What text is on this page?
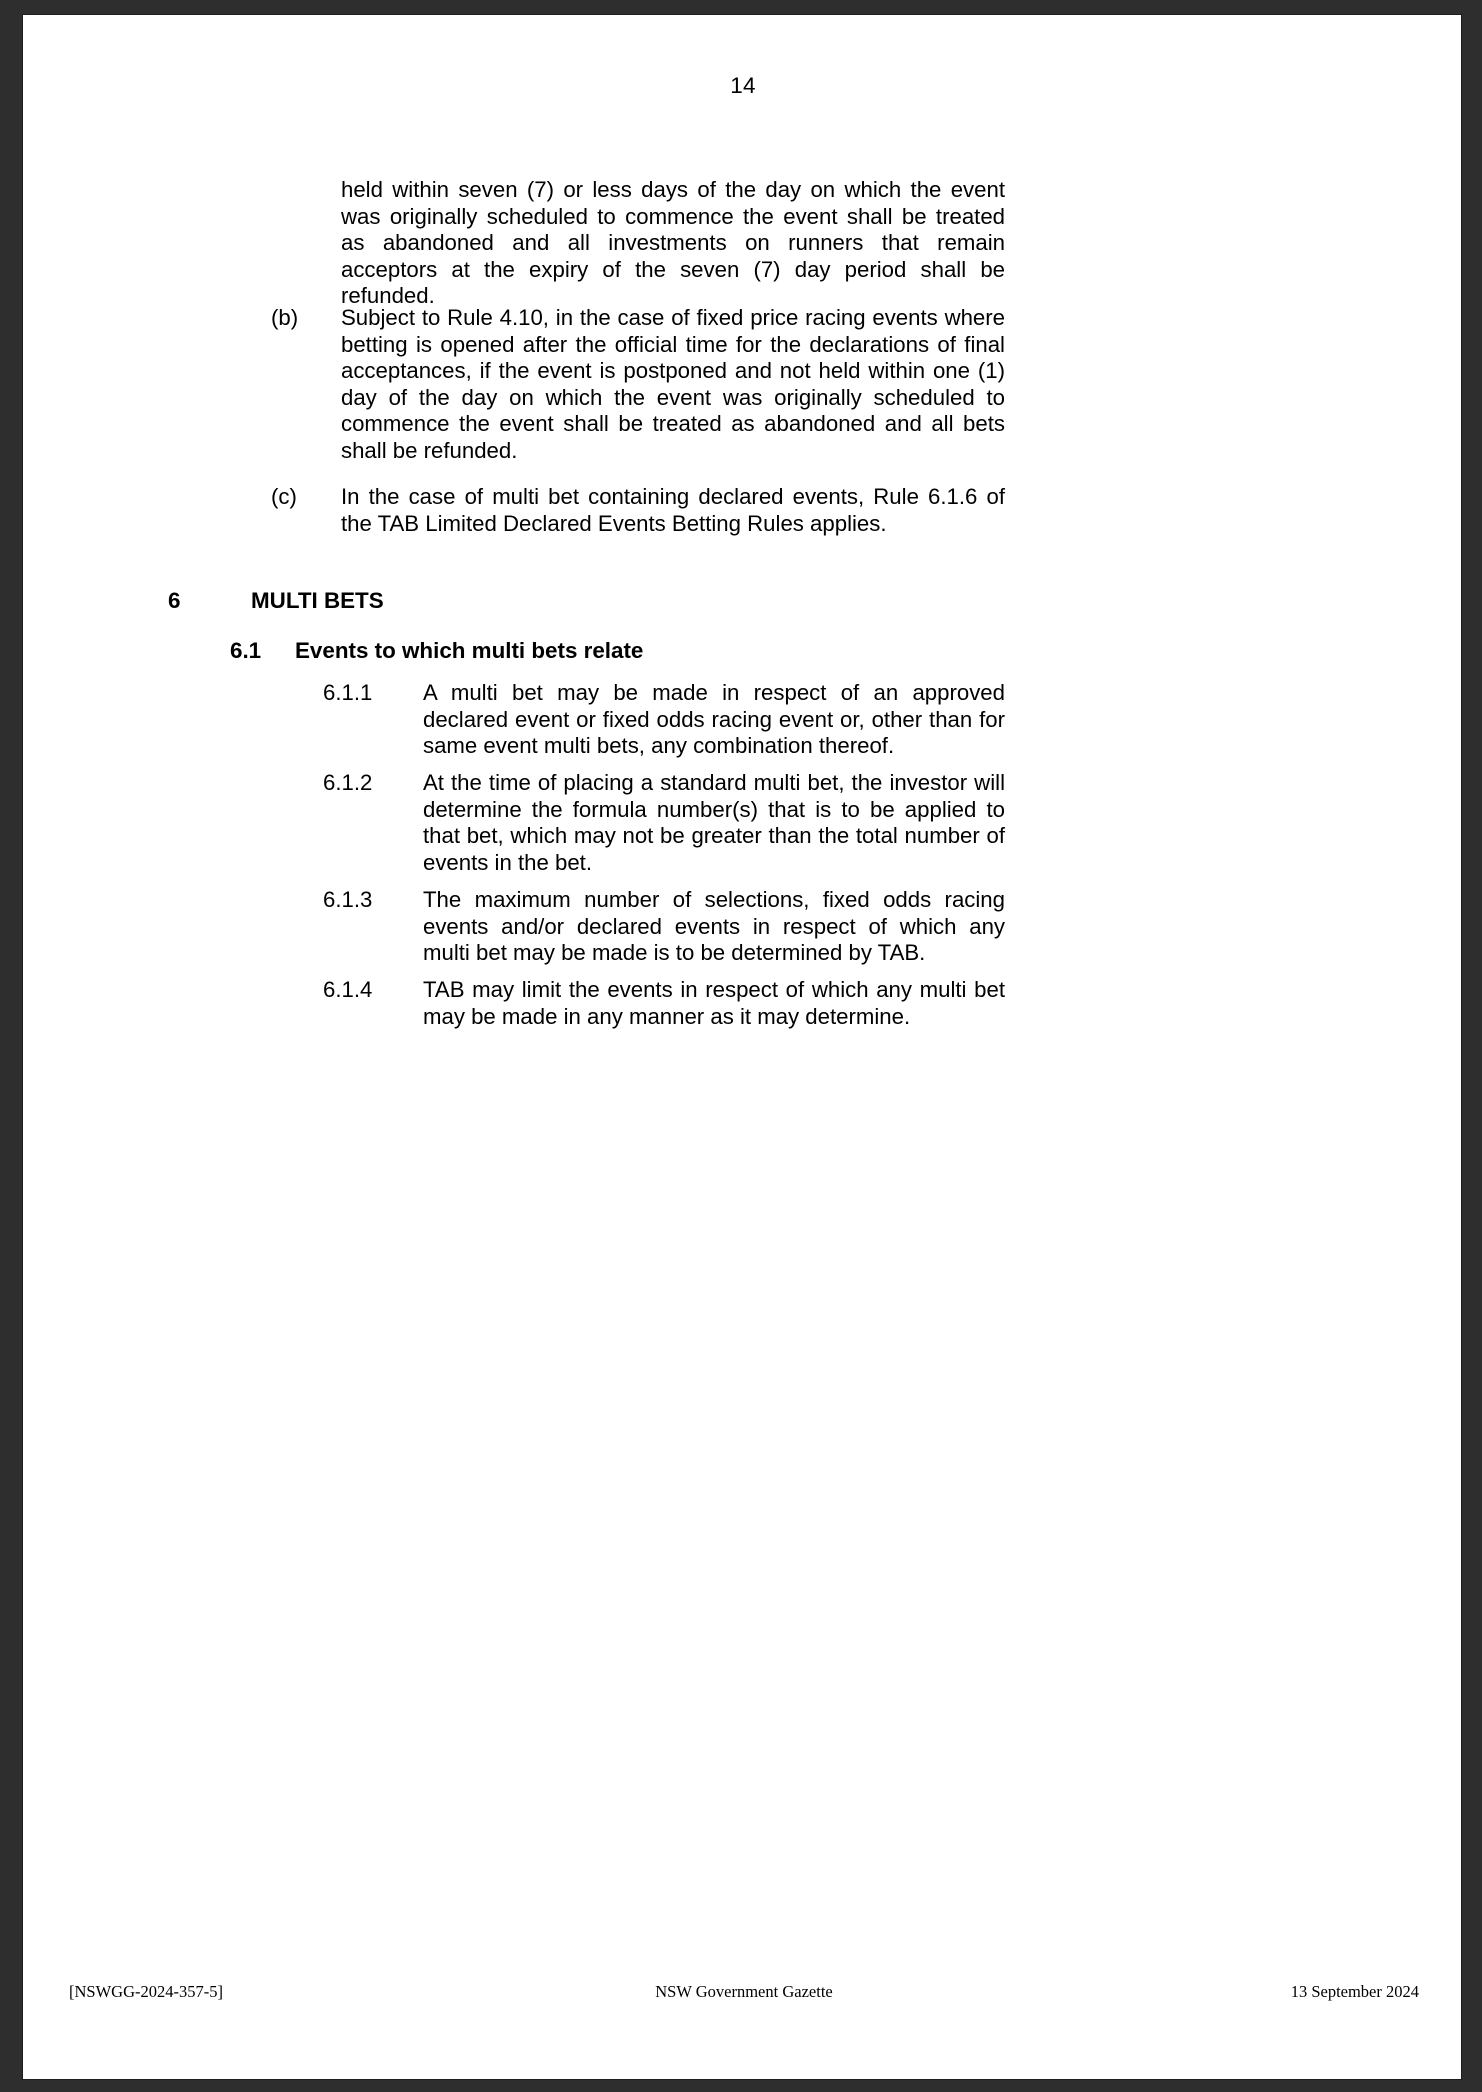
14
held within seven (7) or less days of the day on which the event was originally scheduled to commence the event shall be treated as abandoned and all investments on runners that remain acceptors at the expiry of the seven (7) day period shall be refunded.
(b) Subject to Rule 4.10, in the case of fixed price racing events where betting is opened after the official time for the declarations of final acceptances, if the event is postponed and not held within one (1) day of the day on which the event was originally scheduled to commence the event shall be treated as abandoned and all bets shall be refunded.
(c) In the case of multi bet containing declared events, Rule 6.1.6 of the TAB Limited Declared Events Betting Rules applies.
6	MULTI BETS
6.1 Events to which multi bets relate
6.1.1	A multi bet may be made in respect of an approved declared event or fixed odds racing event or, other than for same event multi bets, any combination thereof.
6.1.2	At the time of placing a standard multi bet, the investor will determine the formula number(s) that is to be applied to that bet, which may not be greater than the total number of events in the bet.
6.1.3	The maximum number of selections, fixed odds racing events and/or declared events in respect of which any multi bet may be made is to be determined by TAB.
6.1.4	TAB may limit the events in respect of which any multi bet may be made in any manner as it may determine.
[NSWGG-2024-357-5]	NSW Government Gazette	13 September 2024
